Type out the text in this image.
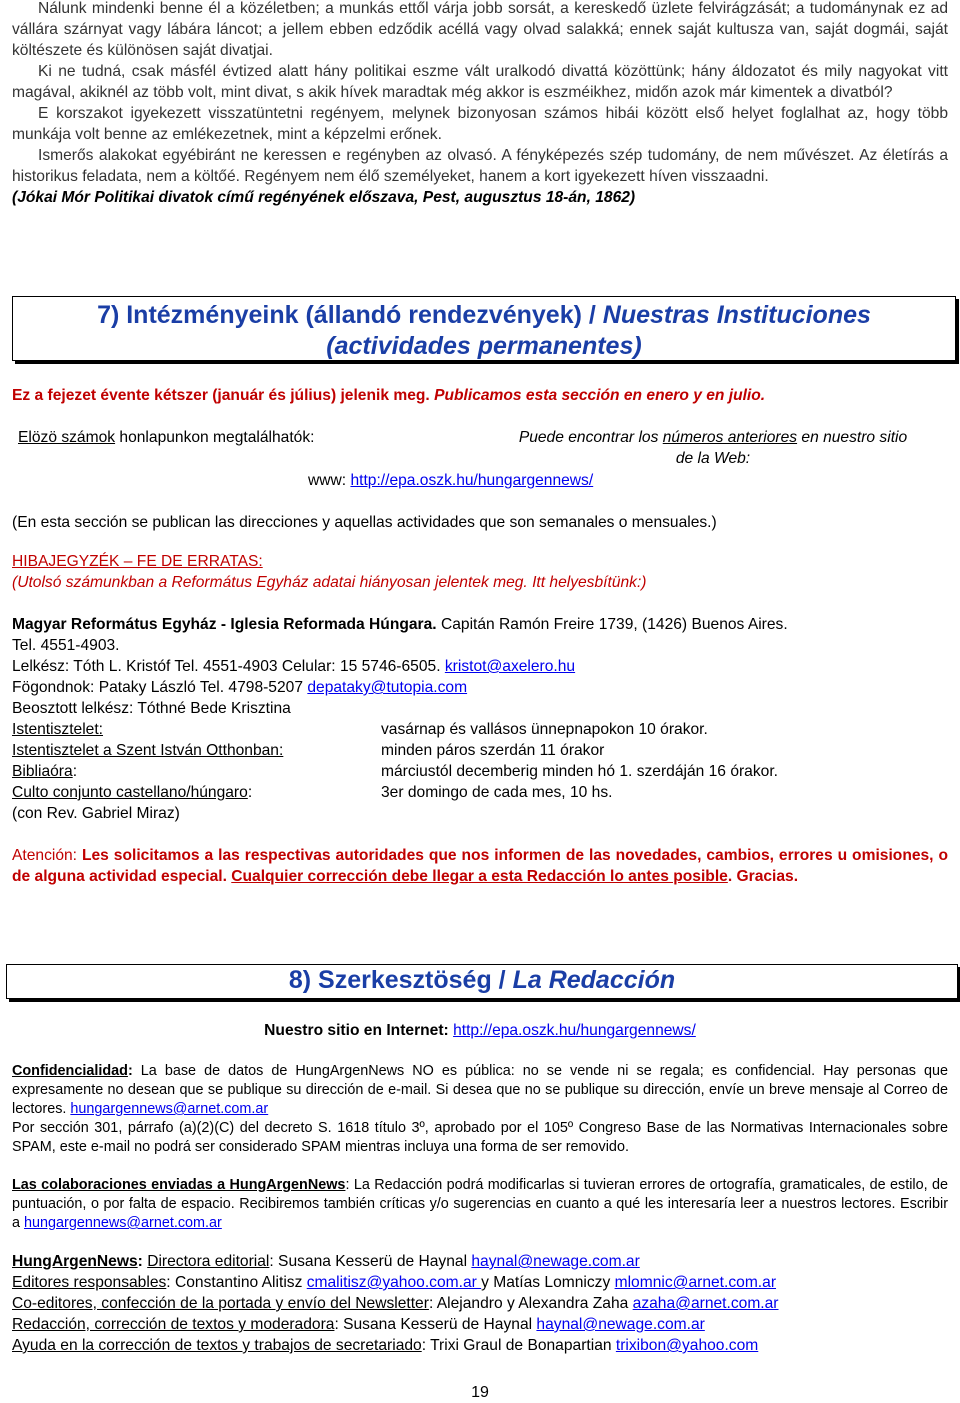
Nálunk mindenki benne él a közéletben; a munkás ettől várja jobb sorsát, a kereskedő üzlete felvirágzását; a tudománynak ez ad vállára szárnyat vagy lábára láncot; a jellem ebben edződik acéllá vagy olvad salakká; ennek saját kultusza van, saját dogmái, saját költészete és különösen saját divatjai.

Ki ne tudná, csak másfél évtized alatt hány politikai eszme vált uralkodó divattá közöttünk; hány áldozatot és mily nagyokat vitt magával, akiknél az több volt, mint divat, s akik hívek maradtak még akkor is eszméikhez, midőn azok már kimentek a divatból?

E korszakot igyekezett visszatüntetni regényem, melynek bizonyosan számos hibái között első helyet foglalhat az, hogy több munkája volt benne az emlékezetnek, mint a képzelmi erőnek.

Ismerős alakokat egyébiránt ne keressen e regényben az olvasó. A fényképezés szép tudomány, de nem művészet. Az életírás a historikus feladata, nem a költőé. Regényem nem élő személyeket, hanem a kort igyekezett híven visszaadni.

(Jókai Mór Politikai divatok című regényének előszava, Pest, augusztus 18-án, 1862)

7) Intézményeink (állandó rendezvények) / Nuestras Instituciones
(actividades permanentes)

Ez a fejezet évente kétszer (január és július) jelenik meg. Publicamos esta sección en enero y en julio.

Elözö számok honlapunkon megtalálhatók:	Puede encontrar los números anteriores en nuestro sitio
de la Web:
www: http://epa.oszk.hu/hungargennews/

(En esta sección se publican las direcciones y aquellas actividades que son semanales o mensuales.)

HIBAJEGYZÉK – FE DE ERRATAS:

(Utolsó számunkban a Református Egyház adatai hiányosan jelentek meg. Itt helyesbítünk:)

Magyar Református Egyház - Iglesia Reformada Húngara. Capitán Ramón Freire 1739, (1426) Buenos Aires.

Tel. 4551-4903.

Lelkész: Tóth L. Kristóf Tel. 4551-4903 Celular: 15 5746-6505. kristot@axelero.hu

Fögondnok: Pataky László Tel. 4798-5207 depataky@tutopia.com

Beosztott lelkész: Tóthné Bede Krisztina

Istentisztelet:	vasárnap és vallásos ünnepnapokon 10 órakor.
Istentisztelet a Szent István Otthonban:	minden páros szerdán 11 órakor
Bibliaóra:	márciustól decemberig minden hó 1. szerdáján 16 órakor.
Culto conjunto castellano/húngaro:	3er domingo de cada mes, 10 hs.

(con Rev. Gabriel Miraz)

Atención: Les solicitamos a las respectivas autoridades que nos informen de las novedades, cambios, errores u omisiones, o de alguna actividad especial. Cualquier corrección debe llegar a esta Redacción lo antes posible. Gracias.

8) Szerkesztöség / La Redacción

Nuestro sitio en Internet: http://epa.oszk.hu/hungargennews/

Confidencialidad: La base de datos de HungArgenNews NO es pública: no se vende ni se regala; es confidencial. Hay personas que expresamente no desean que se publique su dirección de e-mail. Si desea que no se publique su dirección, envíe un breve mensaje al Correo de lectores. hungargennews@arnet.com.ar

Por sección 301, párrafo (a)(2)(C) del decreto S. 1618 título 3º, aprobado por el 105º Congreso Base de las Normativas Internacionales sobre SPAM, este e-mail no podrá ser considerado SPAM mientras incluya una forma de ser removido.

Las colaboraciones enviadas a HungArgenNews: La Redacción podrá modificarlas si tuvieran errores de ortografía, gramaticales, de estilo, de puntuación, o por falta de espacio. Recibiremos también críticas y/o sugerencias en cuanto a qué les interesaría leer a nuestros lectores. Escribir a hungargennews@arnet.com.ar

HungArgenNews: Directora editorial: Susana Kesserü de Haynal haynal@newage.com.ar

Editores responsables: Constantino Alitisz cmalitisz@yahoo.com.ar y Matías Lomniczy mlomnic@arnet.com.ar

Co-editores, confección de la portada y envío del Newsletter: Alejandro y Alexandra Zaha azaha@arnet.com.ar

Redacción, corrección de textos y moderadora: Susana Kesserü de Haynal haynal@newage.com.ar

Ayuda en la corrección de textos y trabajos de secretariado: Trixi Graul de Bonapartian trixibon@yahoo.com

19
